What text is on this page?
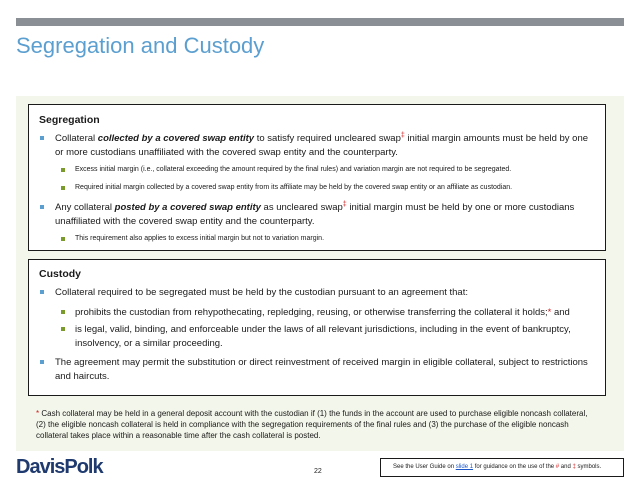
Segregation and Custody
Segregation
Collateral collected by a covered swap entity to satisfy required uncleared swap‡ initial margin amounts must be held by one or more custodians unaffiliated with the covered swap entity and the counterparty.
Excess initial margin (i.e., collateral exceeding the amount required by the final rules) and variation margin are not required to be segregated.
Required initial margin collected by a covered swap entity from its affiliate may be held by the covered swap entity or an affiliate as custodian.
Any collateral posted by a covered swap entity as uncleared swap‡ initial margin must be held by one or more custodians unaffiliated with the covered swap entity and the counterparty.
This requirement also applies to excess initial margin but not to variation margin.
Custody
Collateral required to be segregated must be held by the custodian pursuant to an agreement that:
prohibits the custodian from rehypothecating, repledging, reusing, or otherwise transferring the collateral it holds;* and
is legal, valid, binding, and enforceable under the laws of all relevant jurisdictions, including in the event of bankruptcy, insolvency, or a similar proceeding.
The agreement may permit the substitution or direct reinvestment of received margin in eligible collateral, subject to restrictions and haircuts.

* Cash collateral may be held in a general deposit account with the custodian if (1) the funds in the account are used to purchase eligible noncash collateral, (2) the eligible noncash collateral is held in compliance with the segregation requirements of the final rules and (3) the purchase of the eligible noncash collateral takes place within a reasonable time after the cash collateral is posted.

DavisPolk	22
See the User Guide on slide 1 for guidance on the use of the # and ‡ symbols.
